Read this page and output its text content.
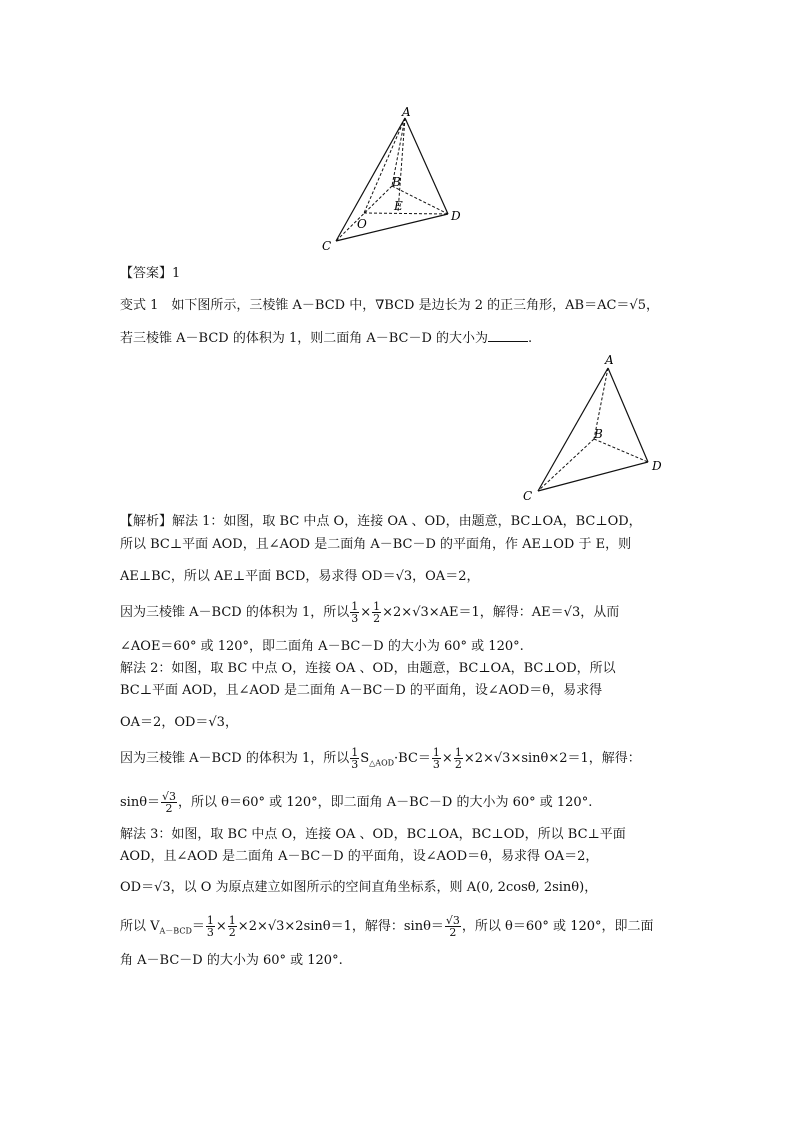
A
B
E
O
D
C
【答案】1
变式 1　如下图所示，三棱锥 A－BCD 中，∇BCD 是边长为 2 的正三角形，AB＝AC＝√5，
若三棱锥 A－BCD 的体积为 1，则二面角 A－BC－D 的大小为	.
A
B
D
C
【解析】解法 1：如图，取 BC 中点 O，连接 OA 、OD，由题意，BC⊥OA，BC⊥OD，
所以 BC⊥平面 AOD，且∠AOD 是二面角 A－BC－D 的平面角，作 AE⊥OD 于 E，则
AE⊥BC，所以 AE⊥平面 BCD，易求得 OD＝√3，OA＝2，
因为三棱锥 A－BCD 的体积为 1，所以 $\frac{1}{3} \times \frac{1}{2} \times 2\times√3\times AE=1$，解得：AE＝√3，从而
∠AOE＝60° 或 120°，即二面角 A－BC－D 的大小为 60° 或 120°.
解法 2：如图，取 BC 中点 O，连接 OA 、OD，由题意，BC⊥OA，BC⊥OD，所以
BC⊥平面 AOD，且∠AOD 是二面角 A－BC－D 的平面角，设∠AOD＝θ，易求得
OA＝2，OD＝√3，
因为三棱锥 A－BCD 的体积为 1，所以 $\frac{1}{3} S_{\triangle AOD}\cdot BC= \frac{1}{3} \times \frac{1}{2} \times 2\times√3\times\sin\theta\times 2=1$，解得：
$\sin\theta= \frac{√3}{2}$ ，所以 θ＝60° 或 120°，即二面角 A－BC－D 的大小为 60° 或 120°.
解法 3：如图，取 BC 中点 O，连接 OA 、OD，BC⊥OA，BC⊥OD，所以 BC⊥平面
AOD，且∠AOD 是二面角 A－BC－D 的平面角，设∠AOD＝θ，易求得 OA＝2，
OD＝√3，以 O 为原点建立如图所示的空间直角坐标系，则 A(0, 2cosθ, 2sinθ)，
所以 $V_{A-BCD}= \frac{1}{3} \times \frac{1}{2} \times 2\times√3\times 2\sin\theta=1$，解得：$\sin\theta= \frac{√3}{2}$ ，所以 θ＝60° 或 120°，即二面
角 A－BC－D 的大小为 60° 或 120°.
